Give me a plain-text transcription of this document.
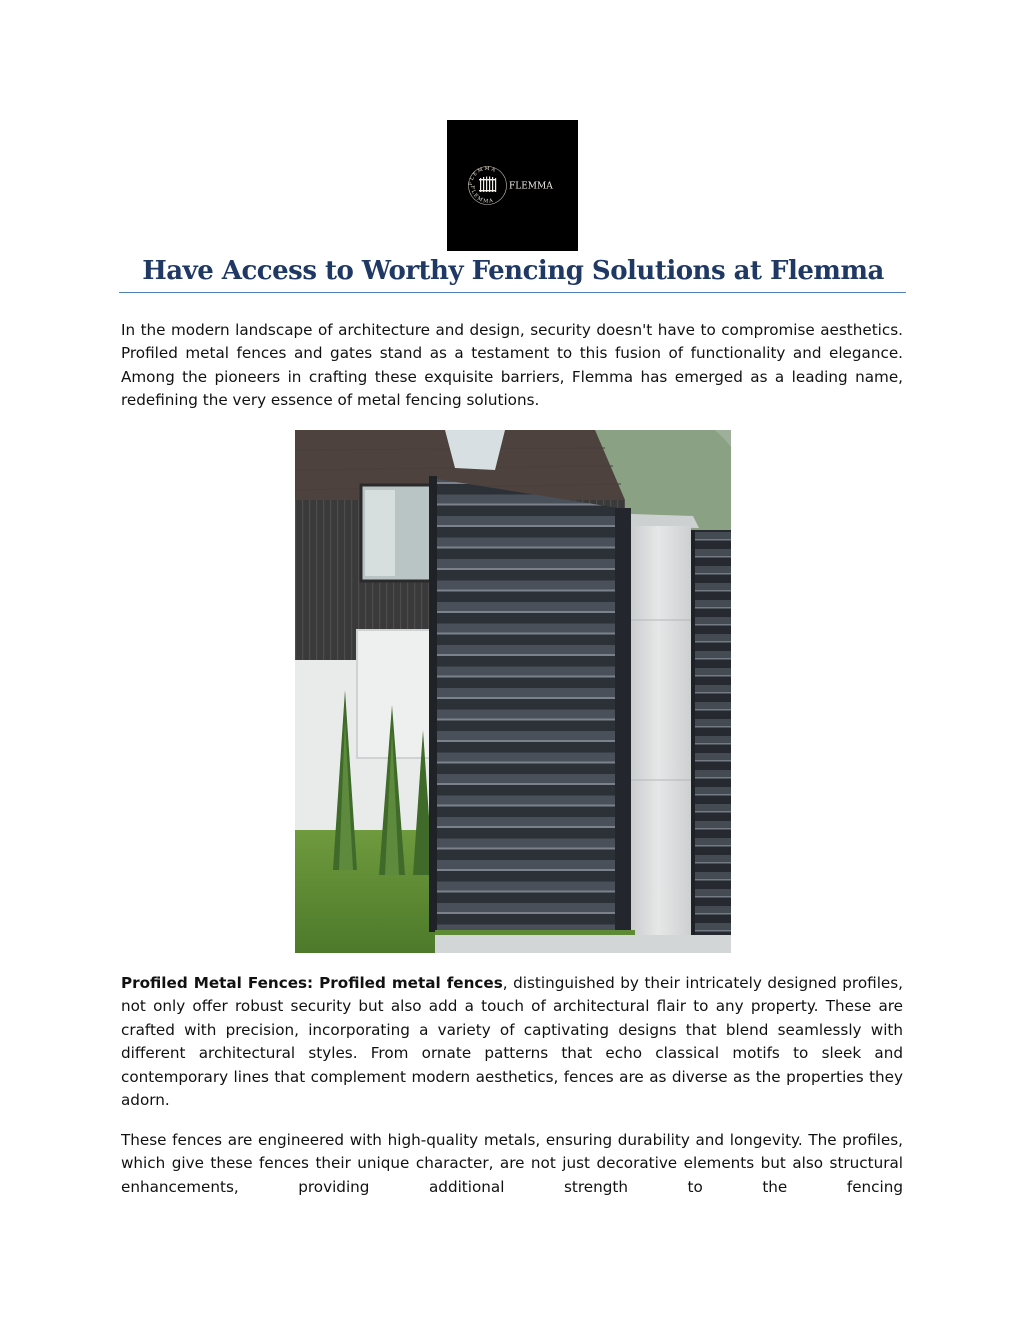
FLEMMA
FLEMMA
FLEMMA
Have Access to Worthy Fencing Solutions at Flemma

In the modern landscape of architecture and design, security doesn't have to compromise aesthetics. Profiled metal fences and gates stand as a testament to this fusion of functionality and elegance. Among the pioneers in crafting these exquisite barriers, Flemma has emerged as a leading name, redefining the very essence of metal fencing solutions.

Profiled Metal Fences: Profiled metal fences, distinguished by their intricately designed profiles, not only offer robust security but also add a touch of architectural flair to any property. These are crafted with precision, incorporating a variety of captivating designs that blend seamlessly with different architectural styles. From ornate patterns that echo classical motifs to sleek and contemporary lines that complement modern aesthetics, fences are as diverse as the properties they adorn.

These fences are engineered with high-quality metals, ensuring durability and longevity. The profiles, which give these fences their unique character, are not just decorative elements but also structural enhancements, providing additional strength to the fencing
